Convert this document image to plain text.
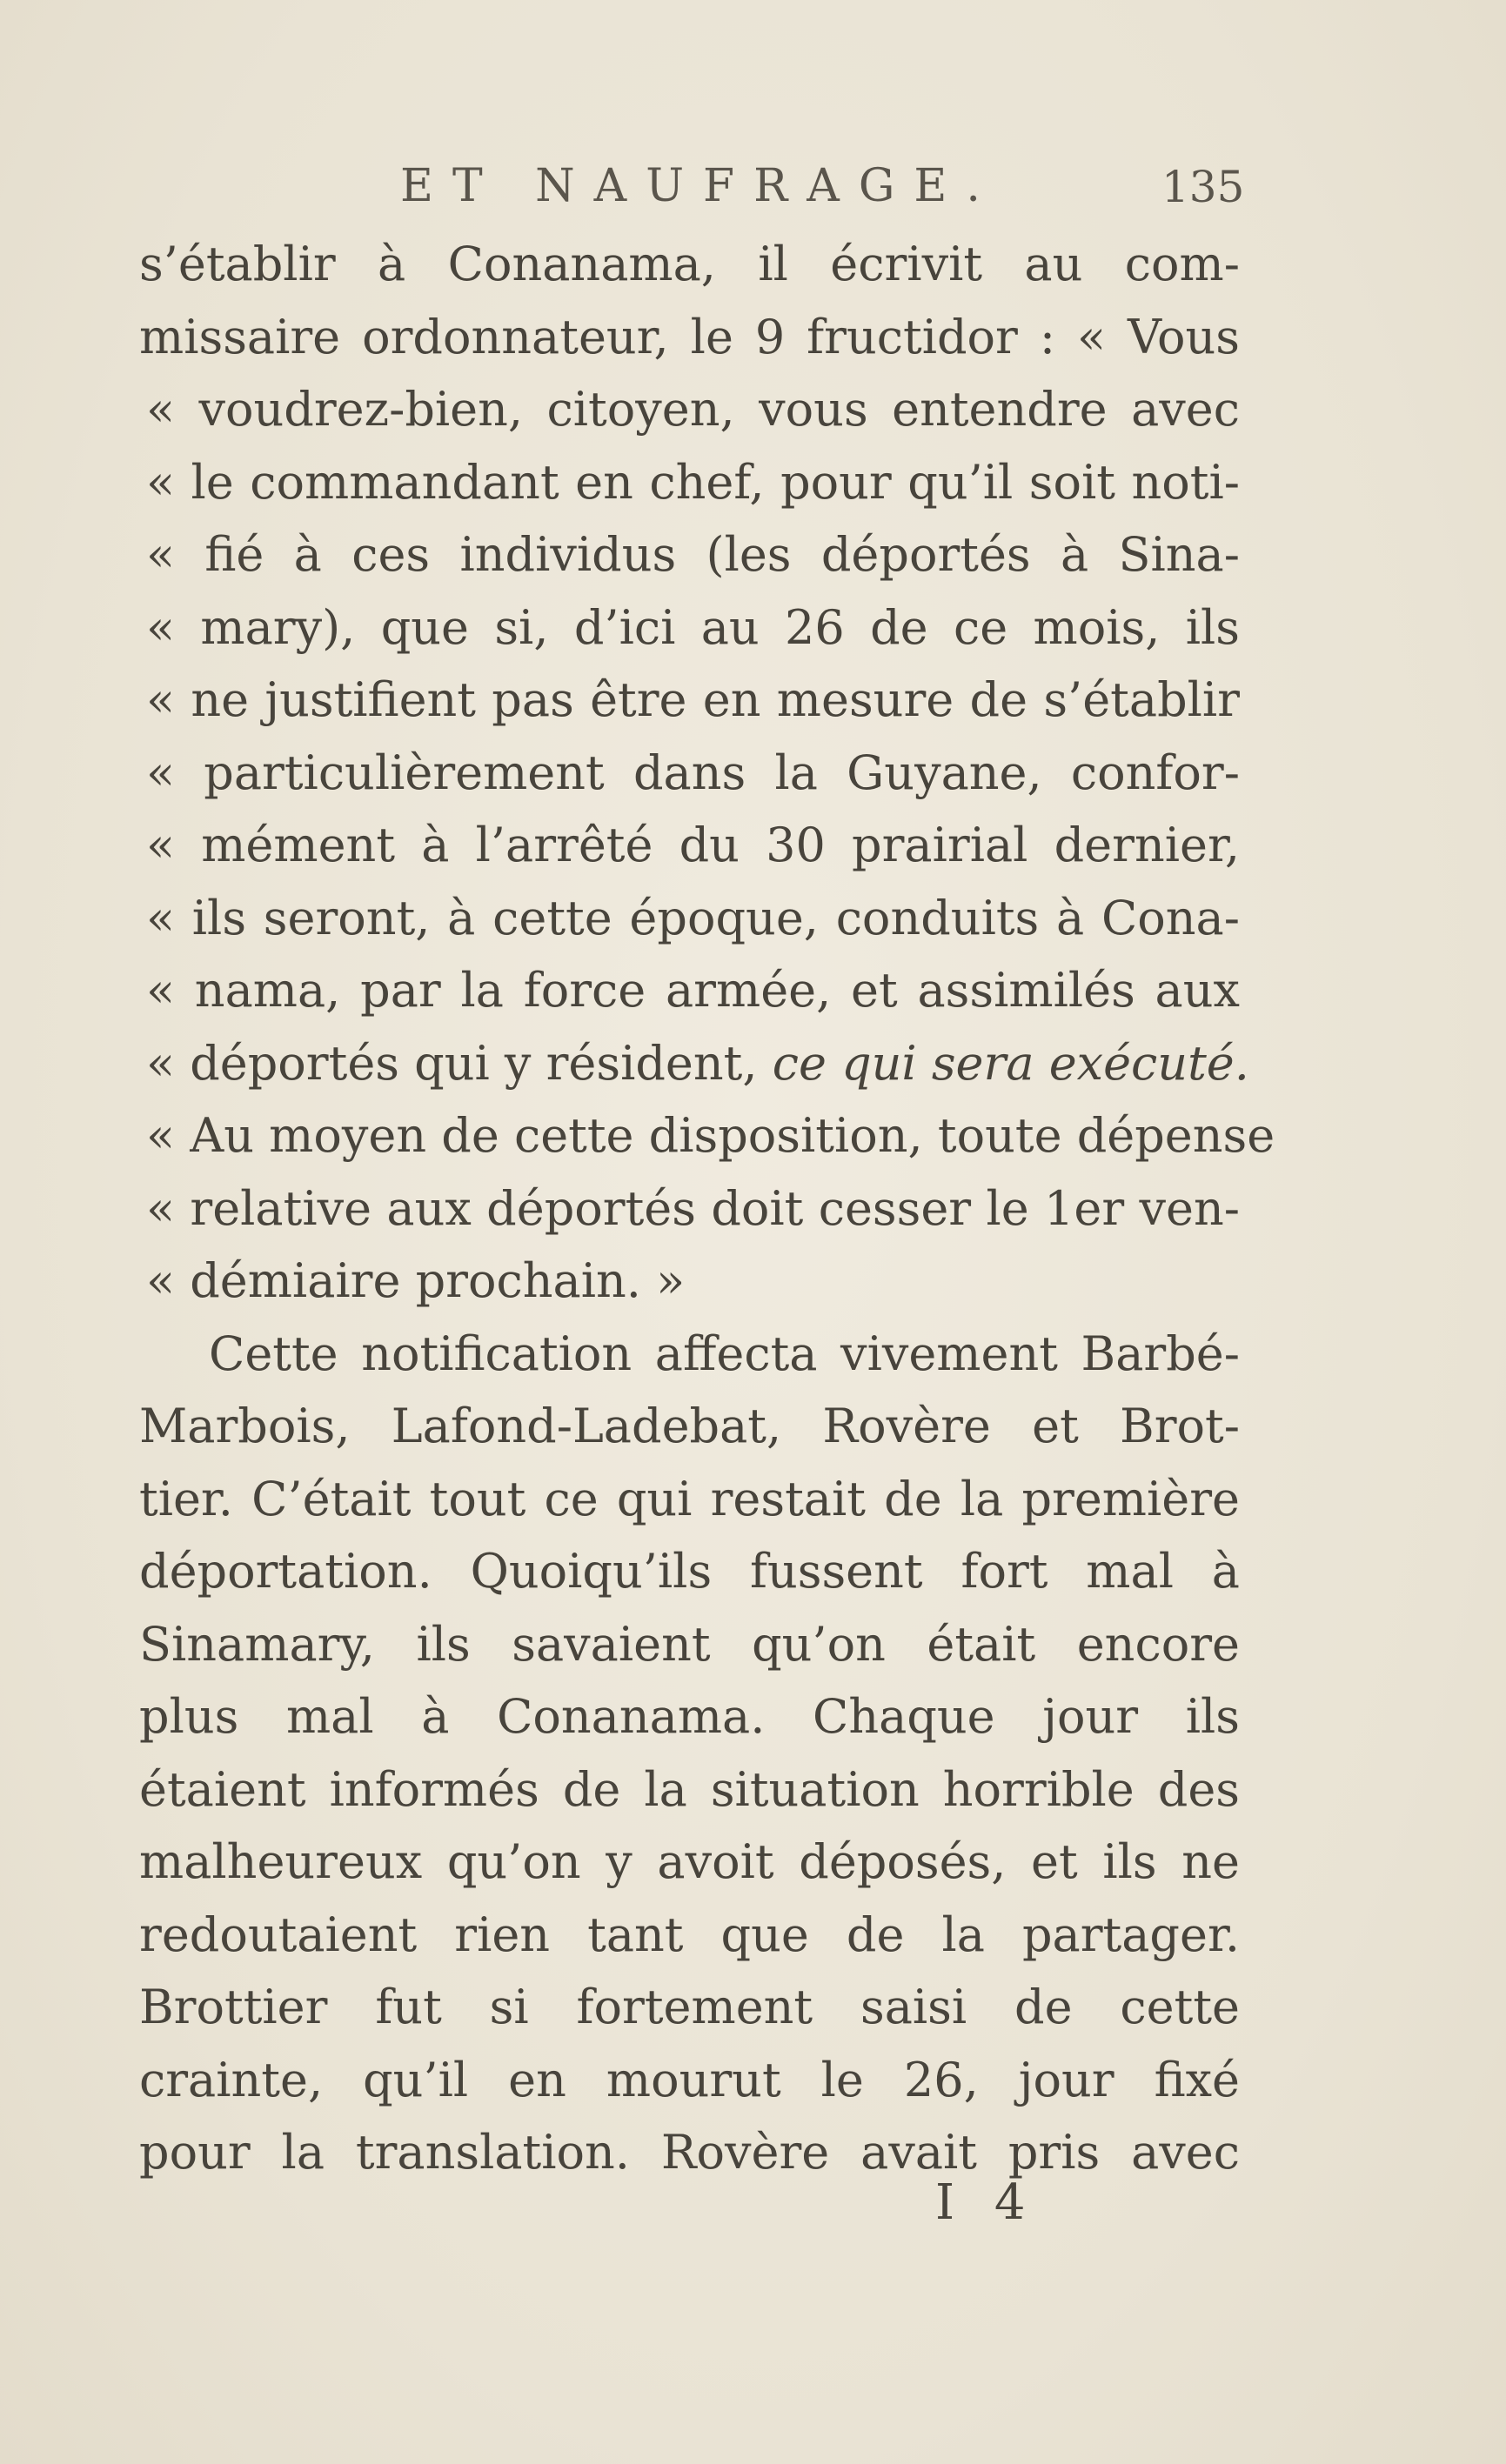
ET NAUFRAGE.	135
s’établir à Conanama, il écrivit au com-
missaire ordonnateur, le 9 fructidor : « Vous
« voudrez-bien, citoyen, vous entendre avec
« le commandant en chef, pour qu’il soit noti-
« fié à ces individus (les déportés à Sina-
« mary), que si, d’ici au 26 de ce mois, ils
« ne justifient pas être en mesure de s’établir
« particulièrement dans la Guyane, confor-
« mément à l’arrêté du 30 prairial dernier,
« ils seront, à cette époque, conduits à Cona-
« nama, par la force armée, et assimilés aux
« déportés qui y résident, ce qui sera exécuté.
« Au moyen de cette disposition, toute dépense
« relative aux déportés doit cesser le 1er ven-
« démiaire prochain. »
Cette notification affecta vivement Barbé-
Marbois, Lafond-Ladebat, Rovère et Brot-
tier. C’était tout ce qui restait de la première
déportation. Quoiqu’ils fussent fort mal à
Sinamary, ils savaient qu’on était encore
plus mal à Conanama. Chaque jour ils
étaient informés de la situation horrible des
malheureux qu’on y avoit déposés, et ils ne
redoutaient rien tant que de la partager.
Brottier fut si fortement saisi de cette
crainte, qu’il en mourut le 26, jour fixé
pour la translation. Rovère avait pris avec
I 4
